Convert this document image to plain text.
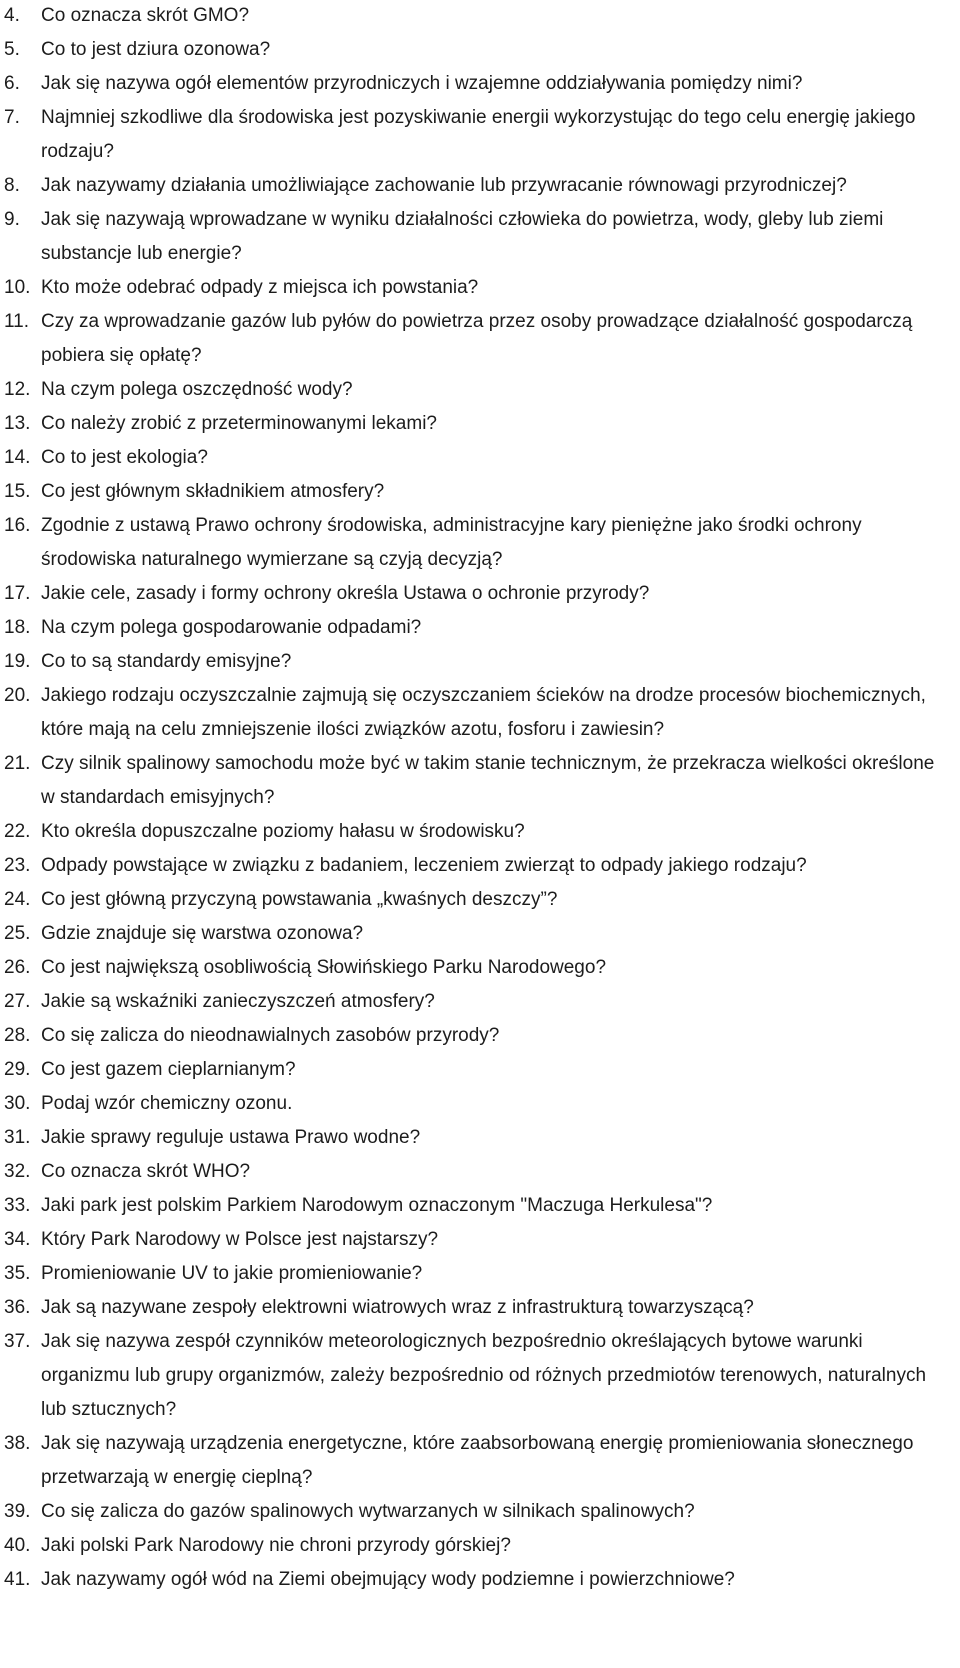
4.	Co oznacza skrót GMO?
5.	Co to jest dziura ozonowa?
6.	Jak się nazywa ogół elementów przyrodniczych i wzajemne oddziaływania pomiędzy nimi?
7.	Najmniej szkodliwe dla środowiska jest pozyskiwanie energii wykorzystując do tego celu energię jakiego rodzaju?
8.	Jak nazywamy działania umożliwiające zachowanie lub przywracanie równowagi przyrodniczej?
9.	Jak się nazywają wprowadzane w wyniku działalności człowieka do powietrza, wody, gleby lub ziemi substancje lub energie?
10. Kto może odebrać odpady z miejsca ich powstania?
11. Czy za wprowadzanie gazów lub pyłów do powietrza przez osoby prowadzące działalność gospodarczą pobiera się opłatę?
12. Na czym polega oszczędność wody?
13. Co należy zrobić z przeterminowanymi lekami?
14. Co to jest ekologia?
15. Co jest głównym składnikiem atmosfery?
16. Zgodnie z ustawą Prawo ochrony środowiska, administracyjne kary pieniężne jako środki ochrony środowiska naturalnego wymierzane są czyją decyzją?
17. Jakie cele, zasady i formy ochrony określa Ustawa o ochronie przyrody?
18. Na czym polega gospodarowanie odpadami?
19. Co to są standardy emisyjne?
20. Jakiego rodzaju oczyszczalnie zajmują się oczyszczaniem ścieków na drodze procesów biochemicznych, które mają na celu zmniejszenie ilości związków azotu, fosforu i zawiesin?
21. Czy silnik spalinowy samochodu może być w takim stanie technicznym, że przekracza wielkości określone w standardach emisyjnych?
22. Kto określa dopuszczalne poziomy hałasu w środowisku?
23. Odpady powstające w związku z badaniem, leczeniem zwierząt to odpady jakiego rodzaju?
24. Co jest główną przyczyną powstawania „kwaśnych deszczy”?
25. Gdzie znajduje się warstwa ozonowa?
26. Co jest największą osobliwością Słowińskiego Parku Narodowego?
27. Jakie są wskaźniki zanieczyszczeń atmosfery?
28. Co się zalicza do nieodnawialnych zasobów przyrody?
29. Co jest gazem cieplarnianym?
30. Podaj wzór chemiczny ozonu.
31. Jakie sprawy reguluje ustawa Prawo wodne?
32. Co oznacza skrót WHO?
33. Jaki park jest polskim Parkiem Narodowym oznaczonym "Maczuga Herkulesa"?
34. Który Park Narodowy w Polsce jest najstarszy?
35. Promieniowanie UV to jakie promieniowanie?
36. Jak są nazywane zespoły elektrowni wiatrowych wraz z infrastrukturą towarzyszącą?
37. Jak się nazywa zespół czynników meteorologicznych bezpośrednio określających bytowe warunki organizmu lub grupy organizmów, zależy bezpośrednio od różnych przedmiotów terenowych, naturalnych lub sztucznych?
38. Jak się nazywają urządzenia energetyczne, które zaabsorbowaną energię promieniowania słonecznego przetwarzają w energię cieplną?
39. Co się zalicza do gazów spalinowych wytwarzanych w silnikach spalinowych?
40. Jaki polski Park Narodowy nie chroni przyrody górskiej?
41. Jak nazywamy ogół wód na Ziemi obejmujący wody podziemne i powierzchniowe?
